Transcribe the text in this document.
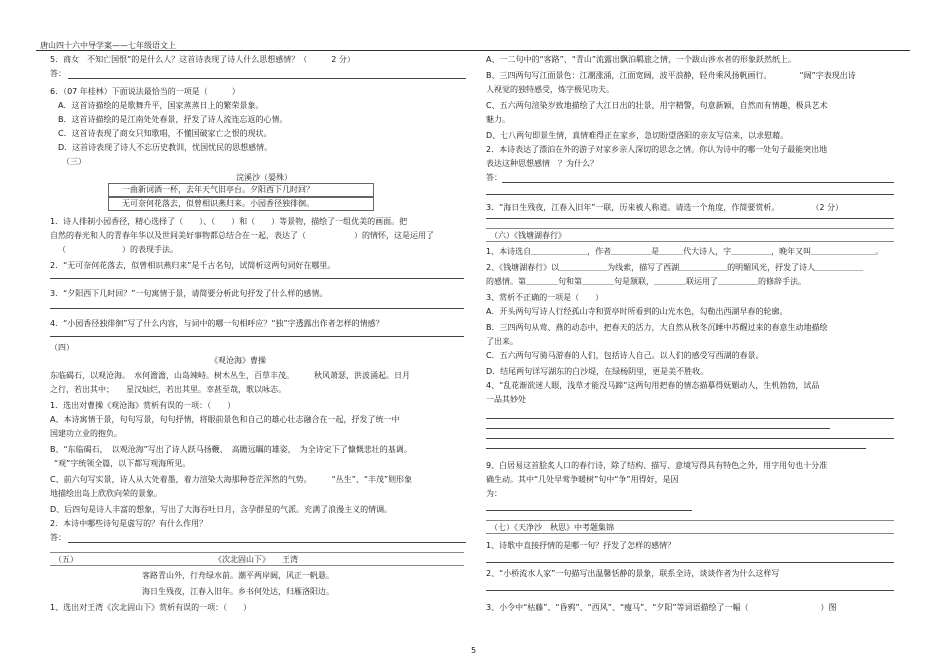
唐山四十六中导学案——七年级语文上
5．商女　不知亡国恨”的是什么人？这首诗表现了诗人什么思想感情？（　　　2 分）
答：
6．（07 年桂林）下面说法最恰当的一项是（　　　）
A．这首诗描绘的是歌舞升平，国家蒸蒸日上的繁荣景象。
B．这首诗描绘的是江南处处春景，抒发了诗人流连忘返的心情。
C．这首诗表现了商女只知歌唱，不懂国破家亡之恨的现状。
D．这首诗表现了诗人不忘历史教训，忧国忧民的思想感情。
（三）
浣溪沙（晏殊）
一曲新词酒一杯，去年天气旧亭台。夕阳西下几时回？
无可奈何花落去，似曾相识燕归来。小园香径独徘徊。
1．诗人排制小园香径，精心选择了（　　）、（　　）和（　　）等景物，描绘了一组优美的画面。把
自然的春光和人的青春年华以及世间美好事物都总结合在一起，表达了（　　　　　　）的情怀，这是运用了
（　　　　　　　）的表现手法。
2．“无可奈何花落去，似曾相识燕归来”是千古名句，试简析这两句词好在哪里。
3．“夕阳西下几时回？”一句寓情于景，请简要分析此句抒发了什么样的感情。
4．“小园香径独徘徊”写了什么内容，与词中的哪一句相呼应？“独”字透露出作者怎样的情感？
（四）
《观沧海》曹操
东临碣石，以观沧海。　水何澹澹，山岛竦峙。树木丛生，百草丰茂。　　　秋风萧瑟，洪波涌起。日月
之行，若出其中；　　星汉灿烂，若出其里。幸甚至哉，歌以咏志。
1．选出对曹操《观沧海》赏析有误的一项：（　　）
A、本诗寓情于景，句句写景，句句抒情，将眼前景色和自己的雄心壮志融合在一起，抒发了统一中
国建功立业的抱负。
B、“东临碣石，　以观沧海”写出了诗人跃马扬鞭、　高瞻远瞩的雄姿，　为全诗定下了慷慨悲壮的基调。
“观”字统领全篇，以下都写观海所见。
C、前六句写实景，诗人从大处着墨，着力渲染大海那种苍茫浑然的气势。　　　“丛生”、“丰茂”则形象
地描绘出岛上欣欣向荣的景象。
D、后四句是诗人丰富的想象，写出了大海吞吐日月，含孕群星的气派。充满了浪漫主义的情调。
2．本诗中哪些诗句是虚写的？有什么作用？
答：
（五）	《次北固山下》　　王湾
客路青山外，行舟绿水前。潮平两岸阔，风正一帆悬。
海日生残夜，江春入旧年。乡书何处达，归雁洛阳边。
1、选出对王湾《次北固山下》赏析有误的一项：（　　）
A、一二句中的“客路”、“青山”流露出飘泊羁旅之情，一个跋山涉水者的形象跃然纸上。
B、三四两句写江面景色：江潮涨涌，江面宽阔，波平浪静，轻舟乘风扬帆画行。　　　　“阔”字表现出诗
人视觉的独特感受，炼字极见功夫。
C、五六两句渲染岁致地描绘了大江日出的壮景，用字精警，句意新颖，自然而有情趣，极具艺术
魅力。
D、七八两句即景生情，真情难得正在家乡，急切盼望洛阳的亲友写信来，以求慰藉。
2．本诗表达了漂泊在外的游子对家乡亲人深切的思念之情。你认为诗中的哪一处句子最能突出地
表达这种思想感情　？为什么？
答：
3．“海日生残夜，江春入旧年”一联，历来被人称道。请选一个角度，作简要赏析。　　　　　（2 分）
（六）《钱塘湖春行》
1、本诗选自＿＿＿＿＿＿＿，作者＿＿＿＿＿是＿＿＿代大诗人，字＿＿＿＿＿，晚年又叫＿＿＿＿＿＿＿＿。
2、《钱塘湖春行》以＿＿＿＿＿＿为线索，描写了西湖＿＿＿＿＿＿的明媚风光，抒发了诗人＿＿＿＿＿＿
的感情。第＿＿＿＿句和第＿＿＿＿句是颔联，＿＿＿＿联运用了＿＿＿＿＿的修辞手法。
3、赏析不正确的一项是（　　）
A．开头两句写诗人行经孤山寺和贾亭时所看到的山光水色，勾勒出西湖早春的轮廓。
B．三四两句从莺、燕的动态中，把春天的活力，大自然从秋冬沉睡中苏醒过来的春意生动地描绘
了出来。
C．五六两句写骑马游春的人们，包括诗人自己。以人们的感受写西湖的春景。
D．结尾两句详写湖东的白沙堤，在绿杨阴里，更是美不胜收。
4、“乱花渐欲迷人眼，浅草才能没马蹄”这两句用把春的情态描摹得妩媚动人，生机勃勃，试品
一品其妙处
9、白居易这首脍炙人口的春行诗，除了结构、描写、意境写得具有特色之外，用字用句也十分准
确生动。其中“几处早莺争暖树”句中“争”用得好，是因
为：
（七）《天净沙　秋思》中考题集锦
1、诗歌中直接抒情的是哪一句？抒发了怎样的感情？
2、“小桥流水人家”一句描写出温馨恬静的景象，联系全诗，谈谈作者为什么这样写
3、小令中“枯藤”、“昏鸦”、“西风”、“瘦马”、“夕阳”等词语描绘了一幅（　　　　　　　　　）图
5
